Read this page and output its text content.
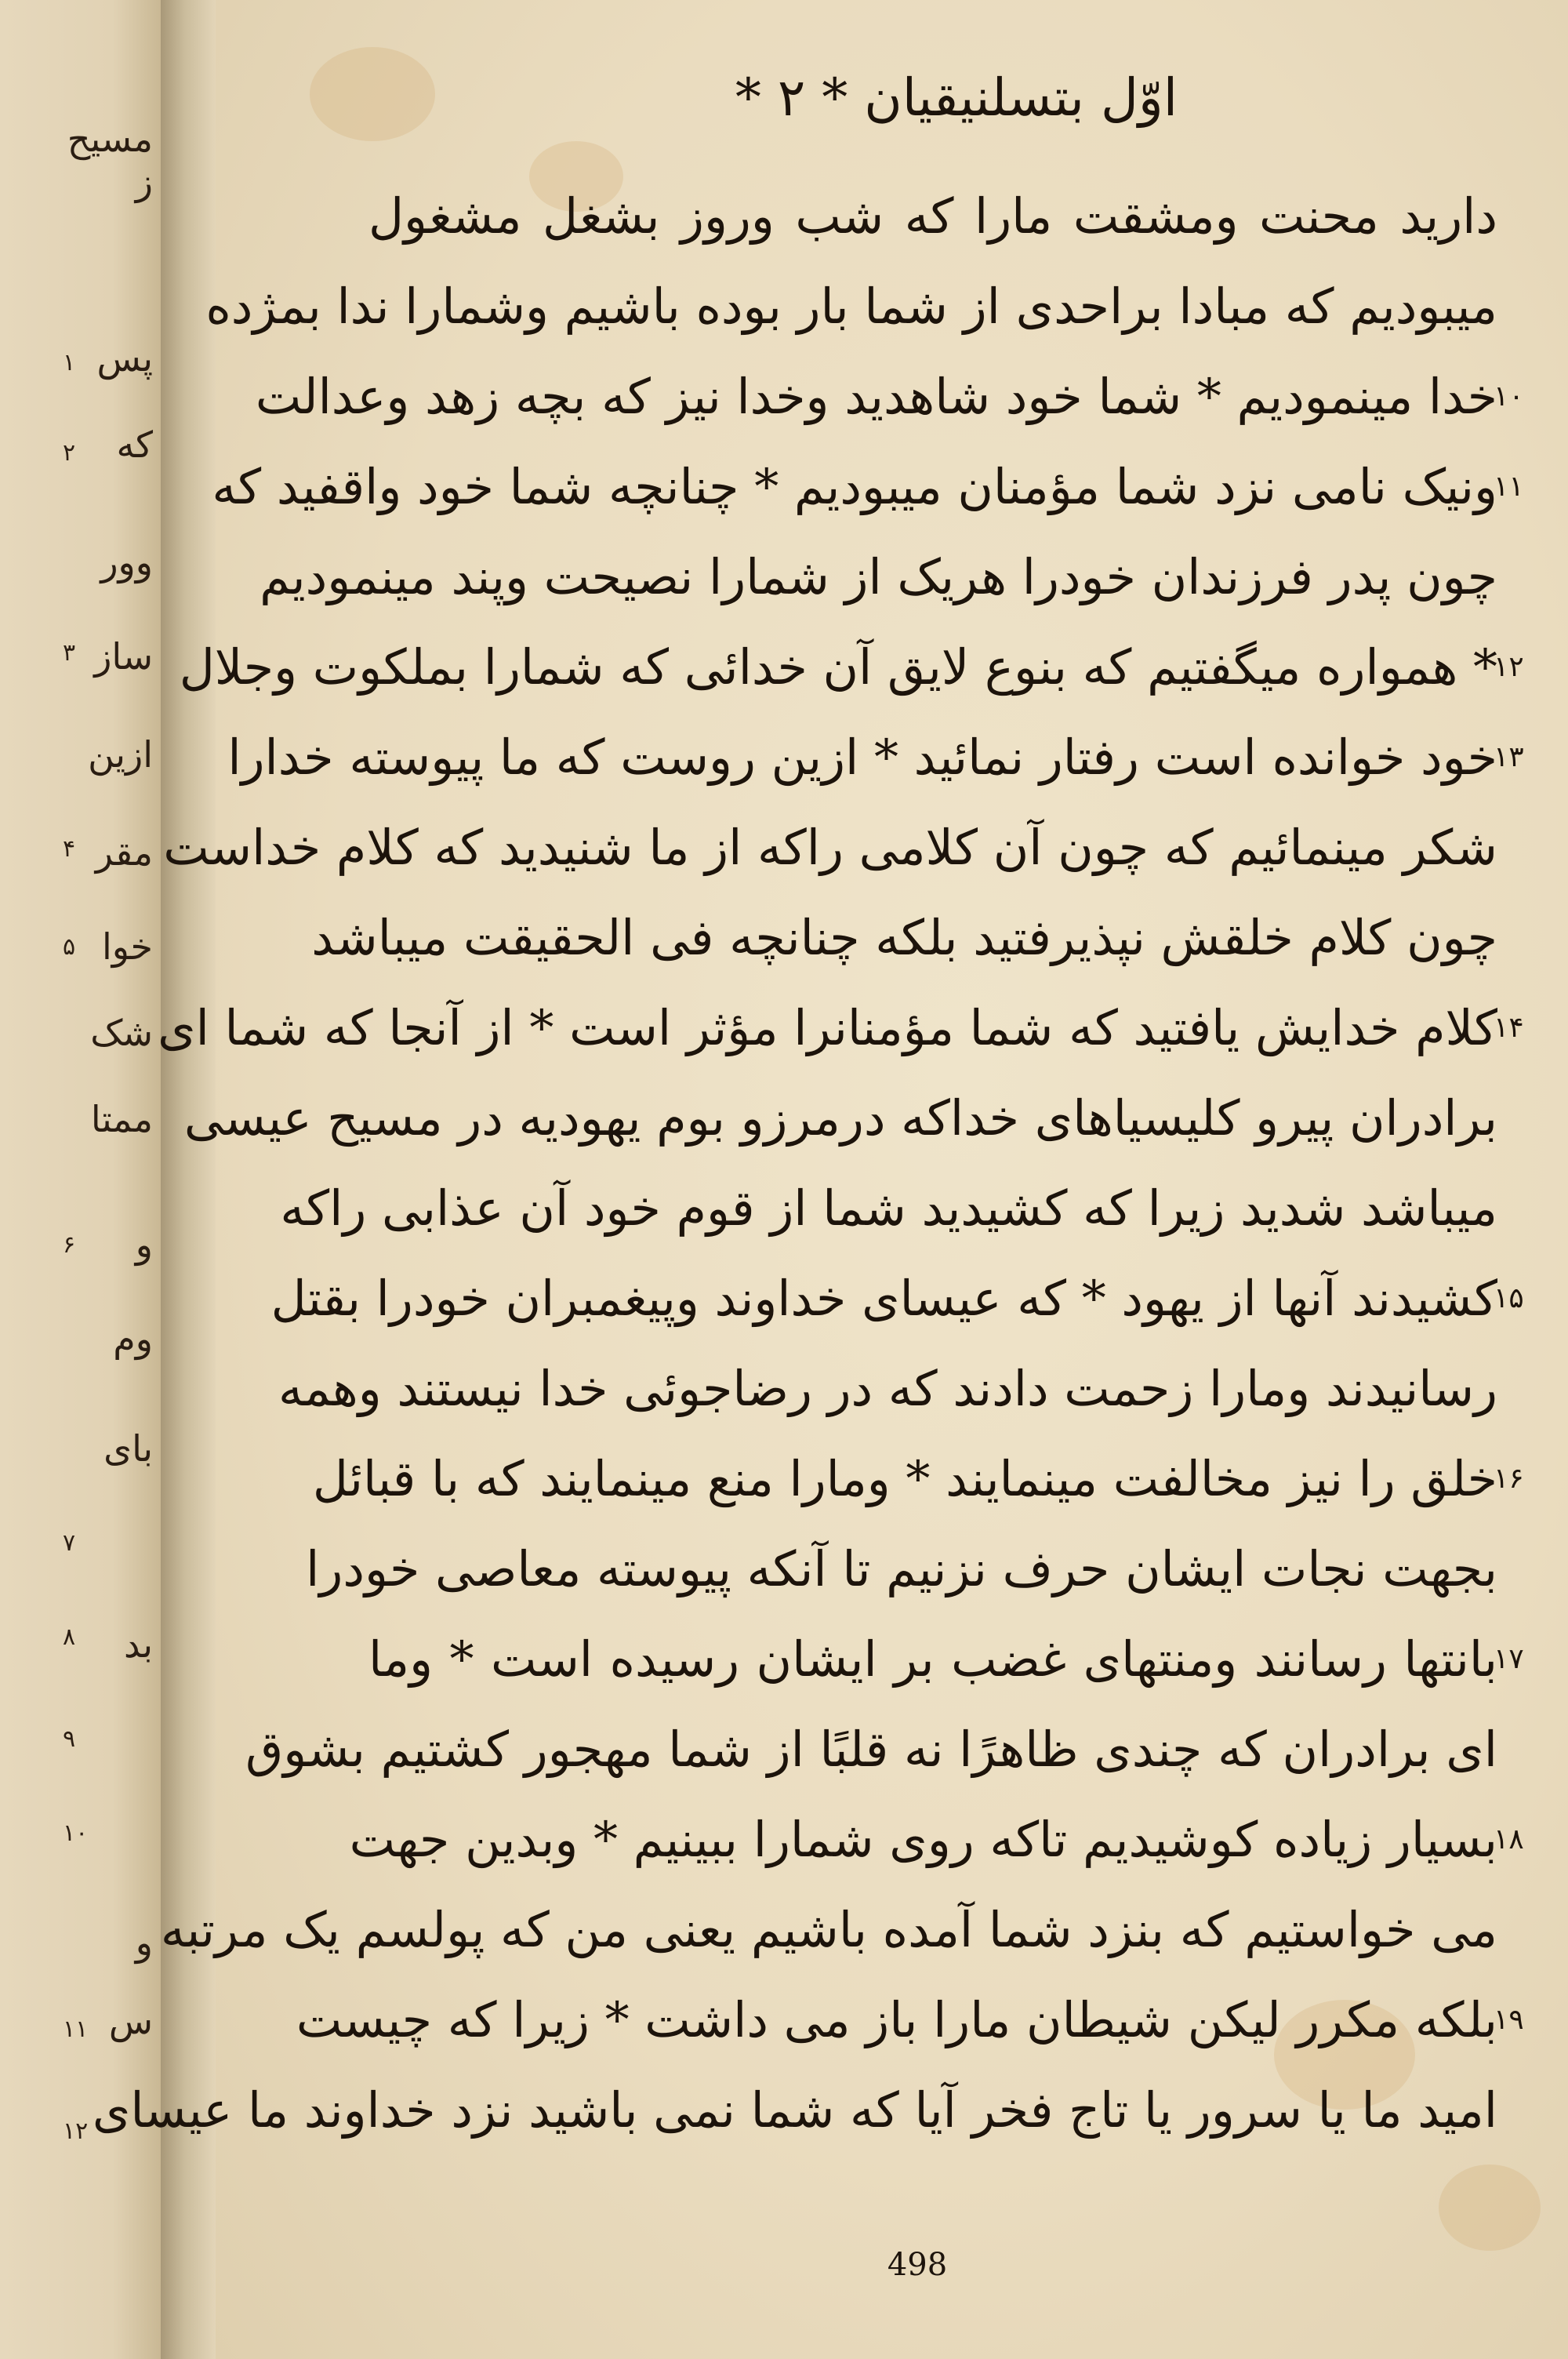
مسیح
ز
پس
که
وور
ساز
ازین
مقر
خوا
شک
ممتا
و
وم
بای
بد
و
س
۱
۲
۳
۴
۵
۶
۷
۸
۹
۱۰
۱۱
۱۲
اوّل بتسلنیقیان * ۲ *
دارید محنت ومشقت مارا که شب وروز بشغل مشغول
میبودیم که مبادا براحدی از شما بار بوده باشیم وشمارا ندا بمژده
خدا مینمودیم * شما خود شاهدید وخدا نیز که بچه زهد وعدالت
۱۰
ونیک نامی نزد شما مؤمنان میبودیم * چنانچه شما خود واقفید که
۱۱
چون پدر فرزندان خودرا هریک از شمارا نصیحت وپند مینمودیم
* همواره میگفتیم که بنوع لایق آن خدائی که شمارا بملکوت وجلال
۱۲
خود خوانده است رفتار نمائید * ازین روست که ما پیوسته خدارا
۱۳
شکر مینمائیم که چون آن کلامی راکه از ما شنیدید که کلام خداست
چون کلام خلقش نپذیرفتید بلکه چنانچه فی الحقیقت میباشد
کلام خدایش یافتید که شما مؤمنانرا مؤثر است * از آنجا که شما ای
۱۴
برادران پیرو کلیسیاهای خداکه درمرزو بوم یهودیه در مسیح عیسی
میباشد شدید زیرا که کشیدید شما از قوم خود آن عذابی راکه
کشیدند آنها از یهود * که عیسای خداوند وپیغمبران خودرا بقتل
۱۵
رسانیدند ومارا زحمت دادند که در رضاجوئی خدا نیستند وهمه
خلق را نیز مخالفت مینمایند * ومارا منع مینمایند که با قبائل
۱۶
بجهت نجات ایشان حرف نزنیم تا آنکه پیوسته معاصی خودرا
بانتها رسانند ومنتهای غضب بر ایشان رسیده است * وما
۱۷
ای برادران که چندی ظاهرًا نه قلبًا از شما مهجور کشتیم بشوق
بسیار زیاده کوشیدیم تاکه روی شمارا ببینیم * وبدین جهت
۱۸
می خواستیم که بنزد شما آمده باشیم یعنی من که پولسم یک مرتبه
بلکه مکرر لیکن شیطان مارا باز می داشت * زیرا که چیست
۱۹
امید ما یا سرور یا تاج فخر آیا که شما نمی باشید نزد خداوند ما عیسای
498
